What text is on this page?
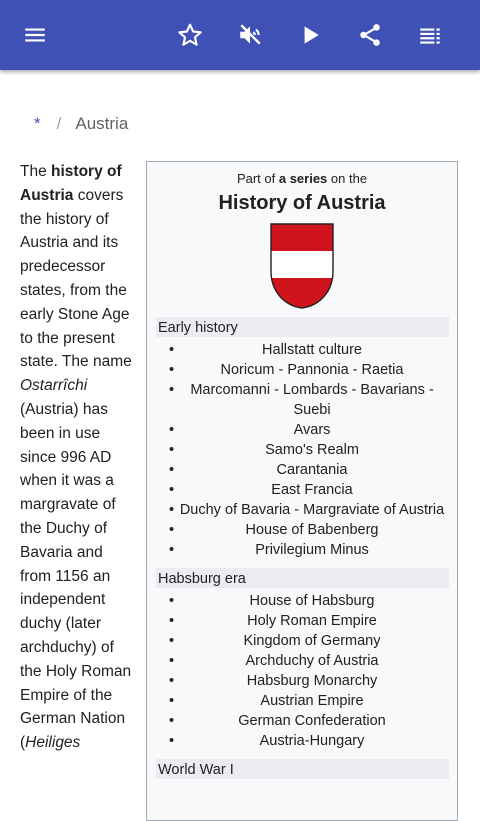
* / Austria
The history of Austria covers the history of Austria and its predecessor states, from the early Stone Age to the present state. The name Ostarrîchi (Austria) has been in use since 996 AD when it was a margravate of the Duchy of Bavaria and from 1156 an independent duchy (later archduchy) of the Holy Roman Empire of the German Nation (Heiliges
Part of a series on the
History of Austria
Early history
• Hallstatt culture
• Noricum - Pannonia - Raetia
• Marcomanni - Lombards - Bavarians - Suebi
• Avars
• Samo's Realm
• Carantania
• East Francia
• Duchy of Bavaria - Margraviate of Austria
• House of Babenberg
• Privilegium Minus
Habsburg era
• House of Habsburg
• Holy Roman Empire
• Kingdom of Germany
• Archduchy of Austria
• Habsburg Monarchy
• Austrian Empire
• German Confederation
• Austria-Hungary
World War I
